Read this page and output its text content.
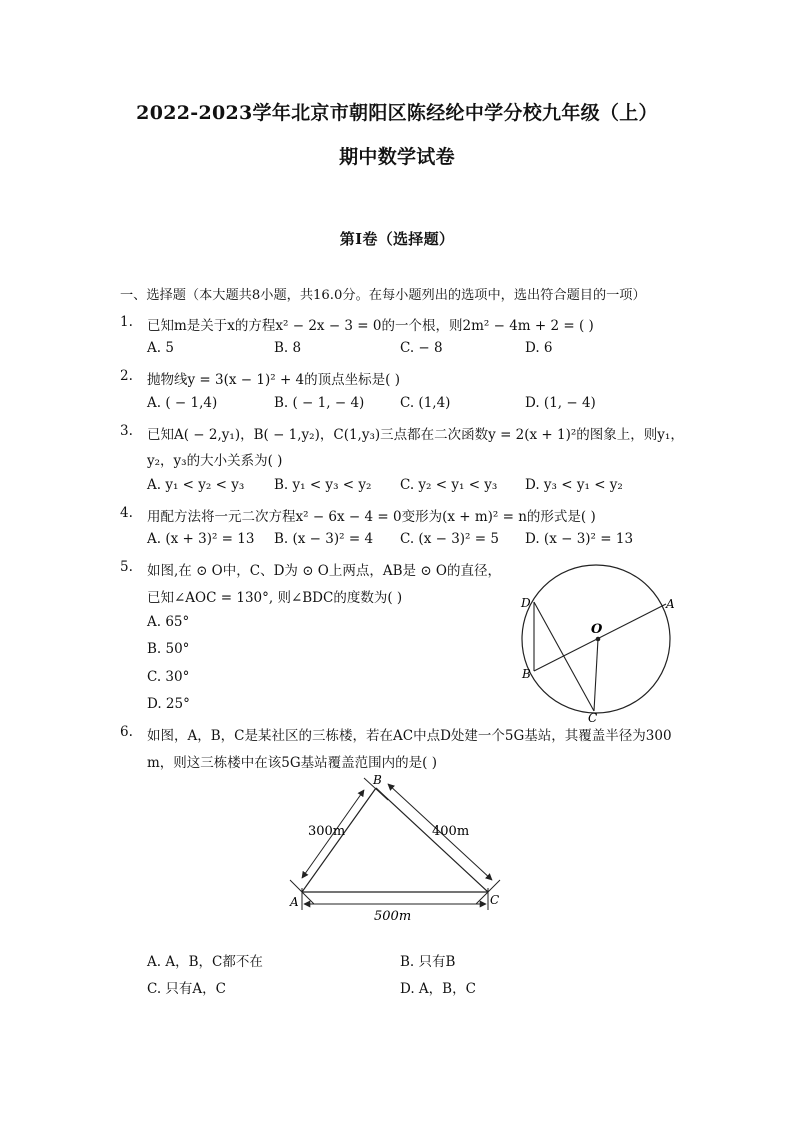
2022-2023学年北京市朝阳区陈经纶中学分校九年级（上）
期中数学试卷
第I卷（选择题）
一、选择题（本大题共8小题，共16.0分。在每小题列出的选项中，选出符合题目的一项）
1. 已知m是关于x的方程x² − 2x − 3 = 0的一个根，则2m² − 4m + 2 = ( )
A. 5	B. 8	C. − 8	D. 6
2. 抛物线y = 3(x − 1)² + 4的顶点坐标是( )
A. ( − 1,4)	B. ( − 1, − 4)	C. (1,4)	D. (1, − 4)
3. 已知A( − 2,y₁)，B( − 1,y₂)，C(1,y₃)三点都在二次函数y = 2(x + 1)²的图象上，则y₁，
y₂，y₃的大小关系为( )
A. y₁ < y₂ < y₃ B. y₁ < y₃ < y₂ C. y₂ < y₁ < y₃ D. y₃ < y₁ < y₂
4. 用配方法将一元二次方程x² − 6x − 4 = 0变形为(x + m)² = n的形式是( )
A. (x + 3)² = 13 B. (x − 3)² = 4 C. (x − 3)² = 5 D. (x − 3)² = 13
5. 如图,在 ⊙ O中，C、D为 ⊙ O上两点，AB是 ⊙ O的直径，
已知∠AOC = 130°, 则∠BDC的度数为( )
A. 65°
B. 50°
C. 30°
D. 25°
D	A
O
B
C
6. 如图，A，B，C是某社区的三栋楼，若在AC中点D处建一个5G基站，其覆盖半径为300
m，则这三栋楼中在该5G基站覆盖范围内的是( )
300m	400m
500m
B
A	C
A. A，B，C都不在	B. 只有B
C. 只有A，C	D. A，B，C
